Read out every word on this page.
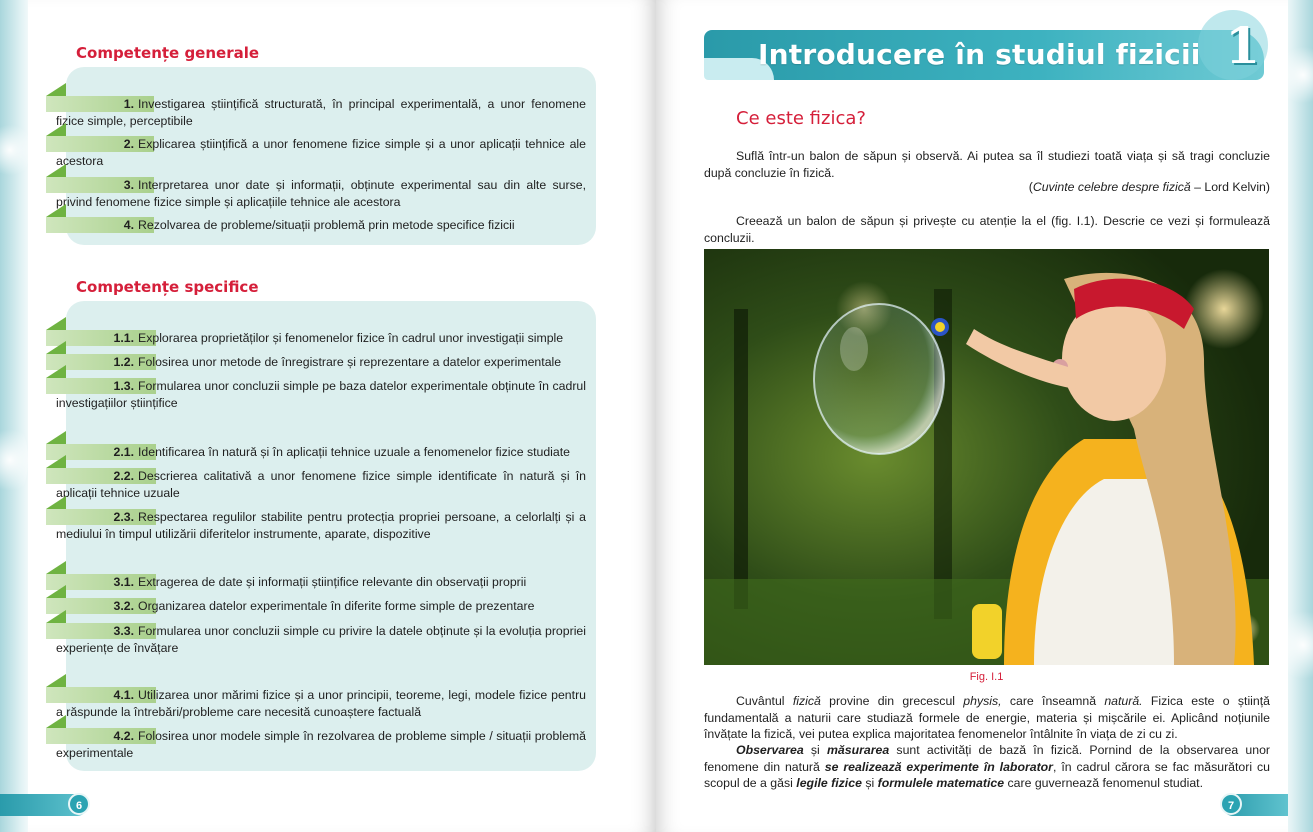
Competențe generale
1. Investigarea științifică structurată, în principal experimentală, a unor fenomene fizice simple, perceptibile
2. Explicarea științifică a unor fenomene fizice simple și a unor aplicații tehnice ale acestora
3. Interpretarea unor date și informații, obținute experimental sau din alte surse, privind fenomene fizice simple și aplicațiile tehnice ale acestora
4. Rezolvarea de probleme/situații problemă prin metode specifice fizicii
Competențe specifice
1.1. Explorarea proprietăților și fenomenelor fizice în cadrul unor investigații simple
1.2. Folosirea unor metode de înregistrare și reprezentare a datelor experimentale
1.3. Formularea unor concluzii simple pe baza datelor experimentale obținute în cadrul investigațiilor științifice
2.1. Identificarea în natură și în aplicații tehnice uzuale a fenomenelor fizice studiate
2.2. Descrierea calitativă a unor fenomene fizice simple identificate în natură și în aplicații tehnice uzuale
2.3. Respectarea regulilor stabilite pentru protecția propriei persoane, a celorlalți și a mediului în timpul utilizării diferitelor instrumente, aparate, dispozitive
3.1. Extragerea de date și informații științifice relevante din observații proprii
3.2. Organizarea datelor experimentale în diferite forme simple de prezentare
3.3. Formularea unor concluzii simple cu privire la datele obținute și la evoluția propriei experiențe de învățare
4.1. Utilizarea unor mărimi fizice și a unor principii, teoreme, legi, modele fizice pentru a răspunde la întrebări/probleme care necesită cunoaștere factuală
4.2. Folosirea unor modele simple în rezolvarea de probleme simple / situații problemă experimentale
6
Introducere în studiul fizicii 1
Ce este fizica?
Suflă într-un balon de săpun și observă. Ai putea sa îl studiezi toată viața și să tragi concluzie după concluzie în fizică.
(Cuvinte celebre despre fizică – Lord Kelvin)
Creează un balon de săpun și privește cu atenție la el (fig. I.1). Descrie ce vezi și formulează concluzii.
Fig. I.1
Cuvântul fizică provine din grecescul physis, care înseamnă natură. Fizica este o știință fundamentală a naturii care studiază formele de energie, materia și mișcările ei. Aplicând noțiunile învățate la fizică, vei putea explica majoritatea fenomenelor întâlnite în viața de zi cu zi.
Observarea și măsurarea sunt activități de bază în fizică. Pornind de la observarea unor fenomene din natură se realizează experimente în laborator, în cadrul cărora se fac măsurători cu scopul de a găsi legile fizice și formulele matematice care guvernează fenomenul studiat.
7
